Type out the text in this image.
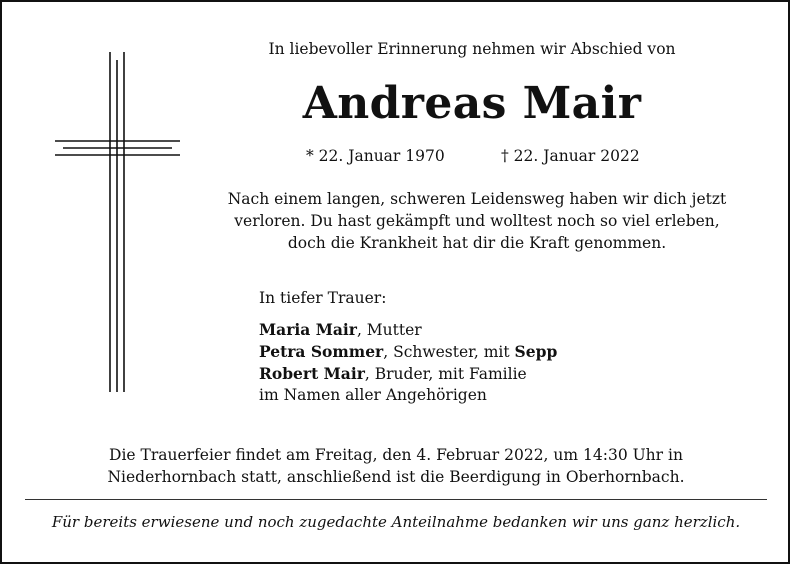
In liebevoller Erinnerung nehmen wir Abschied von
Andreas Mair
* 22. Januar 1970	† 22. Januar 2022
Nach einem langen, schweren Leidensweg haben wir dich jetzt
verloren. Du hast gekämpft und wolltest noch so viel erleben,
doch die Krankheit hat dir die Kraft genommen.
In tiefer Trauer:
Maria Mair, Mutter
Petra Sommer, Schwester, mit Sepp
Robert Mair, Bruder, mit Familie
im Namen aller Angehörigen
Die Trauerfeier findet am Freitag, den 4. Februar 2022, um 14:30 Uhr in
Niederhornbach statt, anschließend ist die Beerdigung in Oberhornbach.
Für bereits erwiesene und noch zugedachte Anteilnahme bedanken wir uns ganz herzlich.
